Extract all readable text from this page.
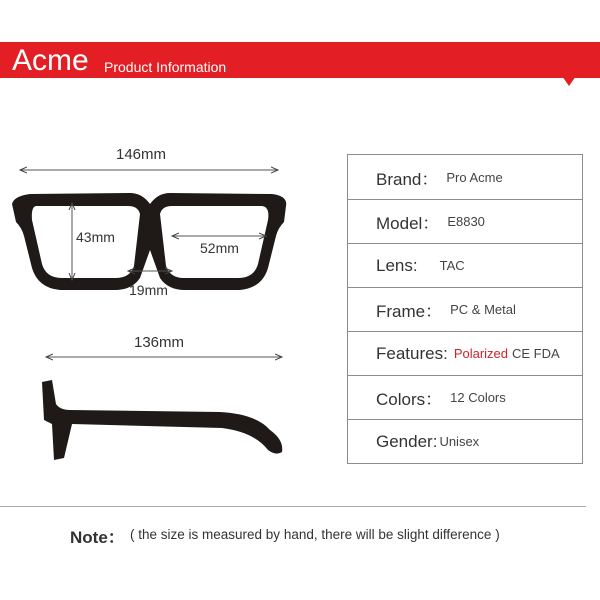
Acme Product Information
146mm
43mm
52mm
19mm
136mm
Brand： Pro Acme
Model： E8830
Lens: TAC
Frame： PC & Metal
Features: Polarized CE FDA
Colors： 12 Colors
Gender: Unisex
Note： ( the size is measured by hand, there will be slight difference )
